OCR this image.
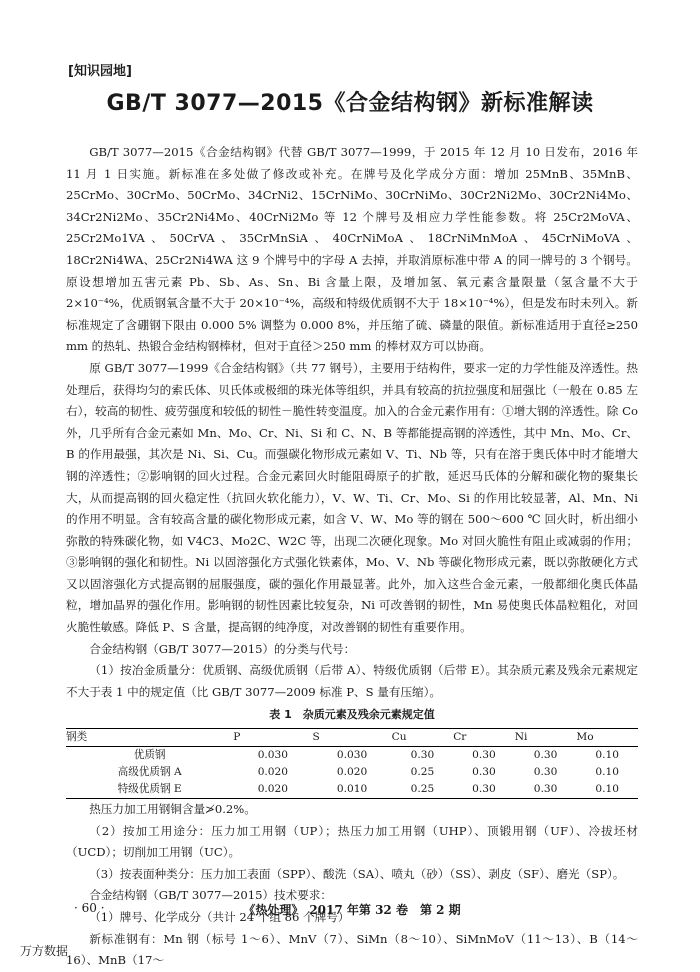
[知识园地]
GB/T 3077—2015《合金结构钢》新标准解读

GB/T 3077—2015《合金结构钢》代替 GB/T 3077—1999，于 2015 年 12 月 10 日发布，2016 年 11 月 1 日实施。新标准在多处做了修改或补充。在牌号及化学成分方面：增加 25MnB、35MnB、25CrMo、30CrMo、50CrMo、34CrNi2、15CrNiMo、30CrNiMo、30Cr2Ni2Mo、30Cr2Ni4Mo、34Cr2Ni2Mo、35Cr2Ni4Mo、40CrNi2Mo 等 12 个牌号及相应力学性能参数。将 25Cr2MoVA、25Cr2Mo1VA、50CrVA、35CrMnSiA、40CrNiMoA、18CrNiMnMoA、45CrNiMoVA、18Cr2Ni4WA、25Cr2Ni4WA 这 9 个牌号中的字母 A 去掉，并取消原标准中带 A 的同一牌号的 3 个钢号。原设想增加五害元素 Pb、Sb、As、Sn、Bi 含量上限，及增加氢、氧元素含量限量（氢含量不大于 2×10⁻⁴%，优质钢氧含量不大于 20×10⁻⁴%，高级和特级优质钢不大于 18×10⁻⁴%），但是发布时未列入。新标准规定了含硼钢下限由 0.000 5% 调整为 0.000 8%，并压缩了硫、磷量的限值。新标准适用于直径≥250 mm 的热轧、热锻合金结构钢棒材，但对于直径＞250 mm 的棒材双方可以协商。

原 GB/T 3077—1999《合金结构钢》（共 77 钢号），主要用于结构件，要求一定的力学性能及淬透性。热处理后，获得均匀的索氏体、贝氏体或极细的珠光体等组织，并具有较高的抗拉强度和屈强比（一般在 0.85 左右），较高的韧性、疲劳强度和较低的韧性－脆性转变温度。加入的合金元素作用有：①增大钢的淬透性。除 Co 外，几乎所有合金元素如 Mn、Mo、Cr、Ni、Si 和 C、N、B 等都能提高钢的淬透性，其中 Mn、Mo、Cr、B 的作用最强，其次是 Ni、Si、Cu。而强碳化物形成元素如 V、Ti、Nb 等，只有在溶于奥氏体中时才能增大钢的淬透性；②影响钢的回火过程。合金元素回火时能阻碍原子的扩散，延迟马氏体的分解和碳化物的聚集长大，从而提高钢的回火稳定性（抗回火软化能力），V、W、Ti、Cr、Mo、Si 的作用比较显著，Al、Mn、Ni 的作用不明显。含有较高含量的碳化物形成元素，如含 V、W、Mo 等的钢在 500～600 ℃ 回火时，析出细小弥散的特殊碳化物，如 V4C3、Mo2C、W2C 等，出现二次硬化现象。Mo 对回火脆性有阻止或减弱的作用；③影响钢的强化和韧性。Ni 以固溶强化方式强化铁素体，Mo、V、Nb 等碳化物形成元素，既以弥散硬化方式又以固溶强化方式提高钢的屈服强度，碳的强化作用最显著。此外，加入这些合金元素，一般都细化奥氏体晶粒，增加晶界的强化作用。影响钢的韧性因素比较复杂，Ni 可改善钢的韧性，Mn 易使奥氏体晶粒粗化，对回火脆性敏感。降低 P、S 含量，提高钢的纯净度，对改善钢的韧性有重要作用。

合金结构钢（GB/T 3077—2015）的分类与代号：

（1）按冶金质量分：优质钢、高级优质钢（后带 A）、特级优质钢（后带 E）。其杂质元素及残余元素规定不大于表 1 中的规定值（比 GB/T 3077—2009 标准 P、S 量有压缩）。

表 1　杂质元素及残余元素规定值
钢类	P	S	Cu	Cr	Ni	Mo
优质钢	0.030	0.030	0.30	0.30	0.30	0.10
高级优质钢 A	0.020	0.020	0.25	0.30	0.30	0.10
特级优质钢 E	0.020	0.010	0.25	0.30	0.30	0.10

热压力加工用钢铜含量≯0.2%。

（2）按加工用途分：压力加工用钢（UP）；热压力加工用钢（UHP）、顶锻用钢（UF）、冷拔坯材（UCD）；切削加工用钢（UC）。

（3）按表面种类分：压力加工表面（SPP）、酸洗（SA）、喷丸（砂）（SS）、剥皮（SF）、磨光（SP）。

合金结构钢（GB/T 3077—2015）技术要求：

（1）牌号、化学成分（共计 24 个组 86 个牌号）

新标准钢有：Mn 钢（标号 1～6）、MnV（7）、SiMn（8～10）、SiMnMoV（11～13）、B（14～16）、MnB（17～

· 60 ·	《热处理》　2017 年第 32 卷　第 2 期
万方数据
